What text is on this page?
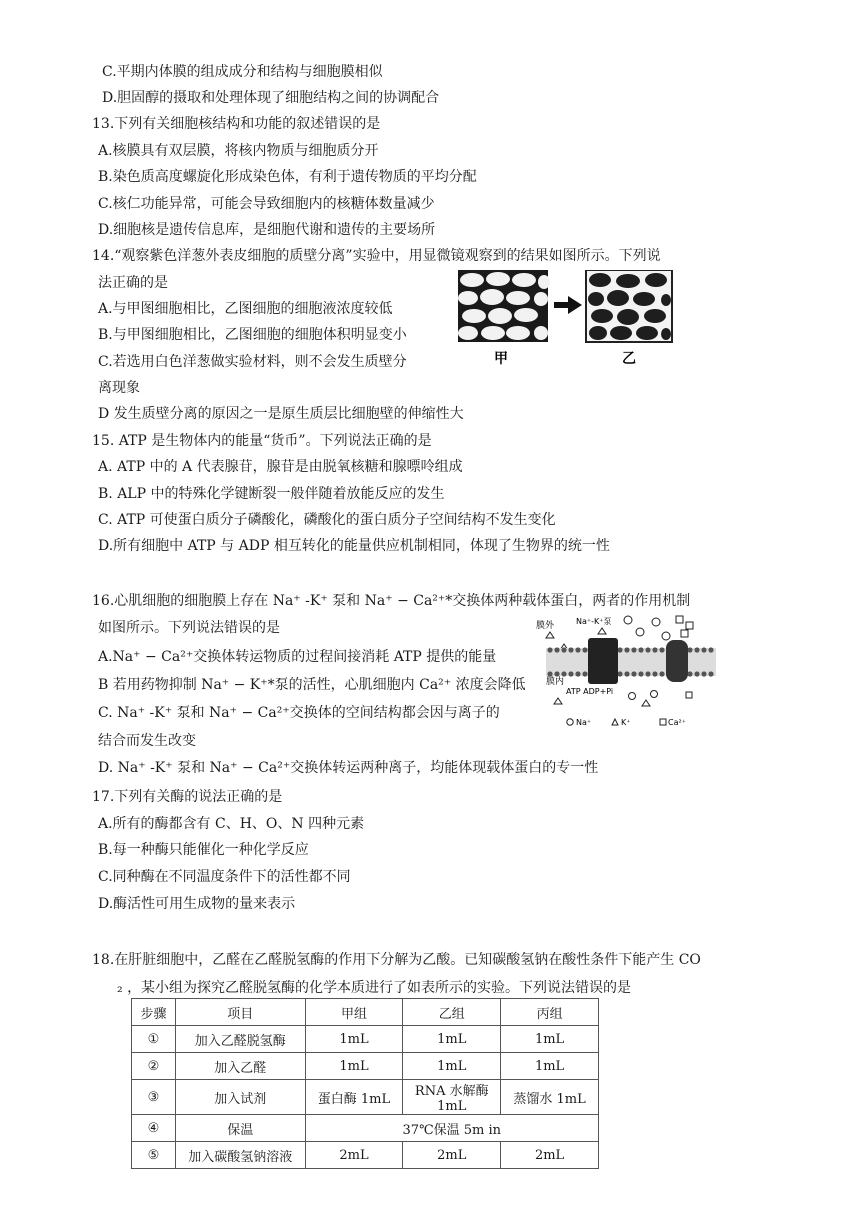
C.平期内体膜的组成成分和结构与细胞膜相似
D.胆固醇的摄取和处理体现了细胞结构之间的协调配合
13.下列有关细胞核结构和功能的叙述错误的是
A.核膜具有双层膜，将核内物质与细胞质分开
B.染色质高度螺旋化形成染色体，有利于遗传物质的平均分配
C.核仁功能异常，可能会导致细胞内的核糖体数量减少
D.细胞核是遗传信息库，是细胞代谢和遗传的主要场所
14.“观察紫色洋葱外表皮细胞的质壁分离”实验中，用显微镜观察到的结果如图所示。下列说
法正确的是
A.与甲图细胞相比，乙图细胞的细胞液浓度较低
B.与甲图细胞相比，乙图细胞的细胞体积明显变小
C.若选用白色洋葱做实验材料，则不会发生质壁分
离现象
D 发生质壁分离的原因之一是原生质层比细胞壁的伸缩性大
甲	乙
15. ATP 是生物体内的能量“货币”。下列说法正确的是
A. ATP 中的 A 代表腺苷，腺苷是由脱氧核糖和腺嘌呤组成
B. ALP 中的特殊化学键断裂一般伴随着放能反应的发生
C. ATP 可使蛋白质分子磷酸化，磷酸化的蛋白质分子空间结构不发生变化
D.所有细胞中 ATP 与 ADP 相互转化的能量供应机制相同，体现了生物界的统一性
16.心肌细胞的细胞膜上存在 Na⁺ -K⁺ 泵和 Na⁺ − Ca²⁺*交换体两种载体蛋白，两者的作用机制
如图所示。下列说法错误的是
A.Na⁺ − Ca²⁺交换体转运物质的过程间接消耗 ATP 提供的能量
B 若用药物抑制 Na⁺ − K⁺*泵的活性，心肌细胞内 Ca²⁺ 浓度会降低
C. Na⁺ -K⁺ 泵和 Na⁺ − Ca²⁺交换体的空间结构都会因与离子的
结合而发生改变
D. Na⁺ -K⁺ 泵和 Na⁺ − Ca²⁺交换体转运两种离子，均能体现载体蛋白的专一性
膜外
膜内
Na⁺-K⁺泵
ATP ADP+Pi
Na⁺	K⁺	Ca²⁺
17.下列有关酶的说法正确的是
A.所有的酶都含有 C、H、O、N 四种元素
B.每一种酶只能催化一种化学反应
C.同种酶在不同温度条件下的活性都不同
D.酶活性可用生成物的量来表示
18.在肝脏细胞中，乙醛在乙醛脱氢酶的作用下分解为乙酸。已知碳酸氢钠在酸性条件下能产生 CO
₂ ，某小组为探究乙醛脱氢酶的化学本质进行了如表所示的实验。下列说法错误的是
步骤	项目	甲组	乙组	丙组
①	加入乙醛脱氢酶	1mL	1mL	1mL
②	加入乙醛	1mL	1mL	1mL
③	加入试剂	蛋白酶 1mL	RNA 水解酶 1mL	蒸馏水 1mL
④	保温	37℃保温 5m in		
⑤	加入碳酸氢钠溶液	2mL	2mL	2mL
